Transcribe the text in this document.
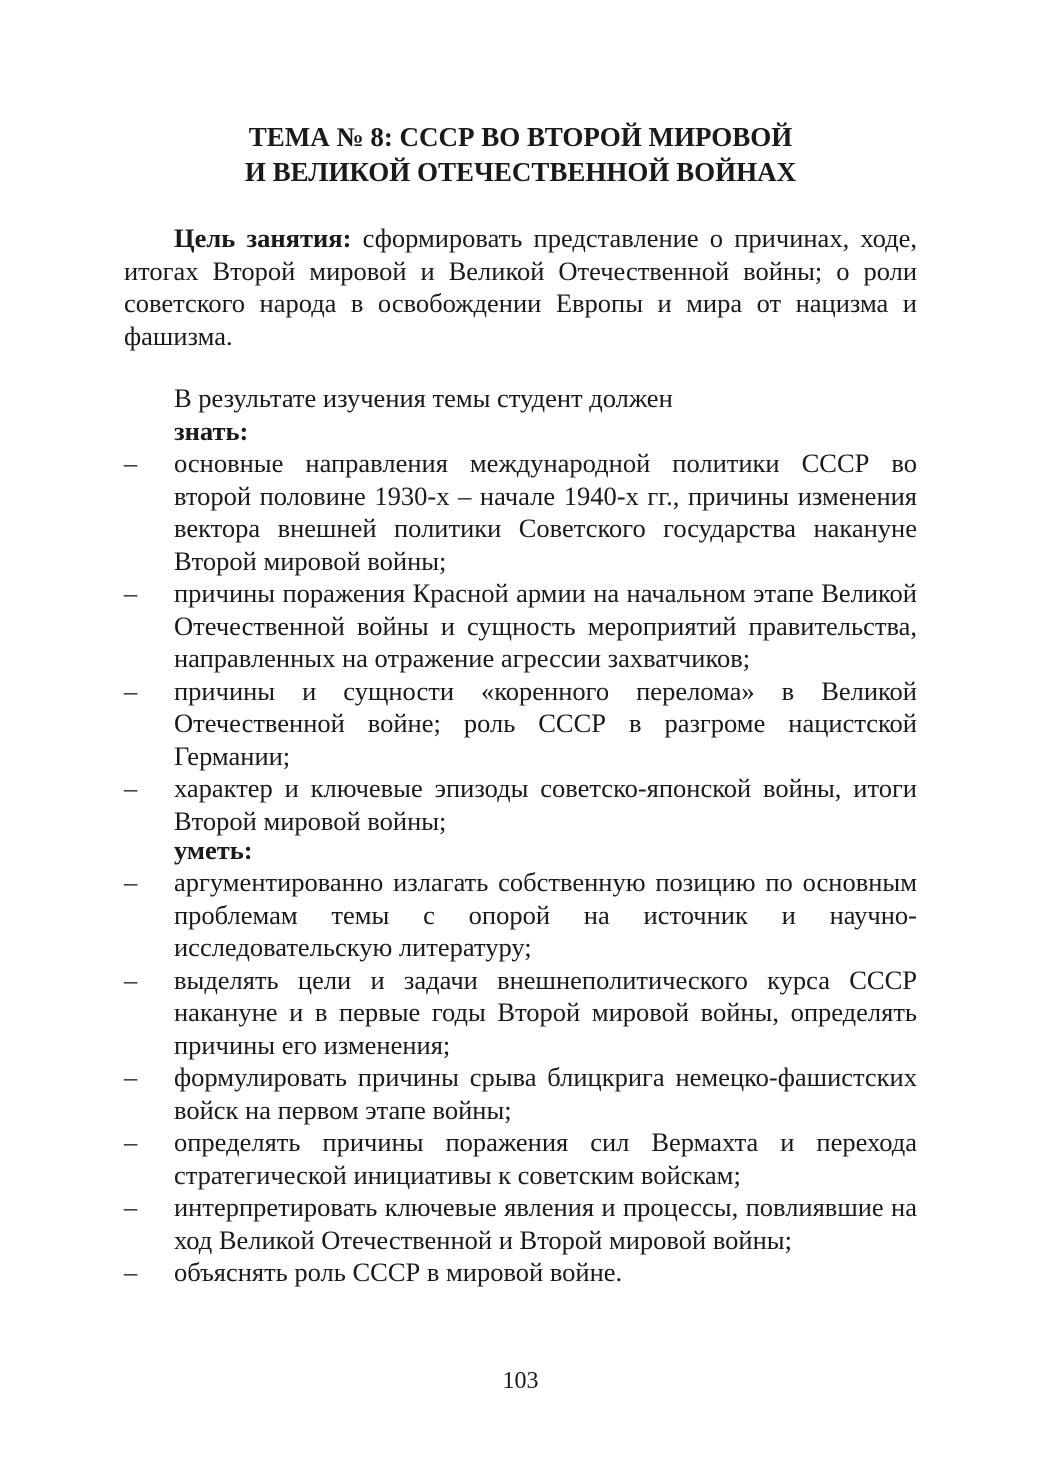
ТЕМА № 8: СССР ВО ВТОРОЙ МИРОВОЙ
И ВЕЛИКОЙ ОТЕЧЕСТВЕННОЙ ВОЙНАХ

Цель занятия: сформировать представление о причинах, ходе, итогах Второй мировой и Великой Отечественной войны; о роли советского народа в освобождении Европы и мира от нацизма и фашизма.

В результате изучения темы студент должен
знать:

– основные направления международной политики СССР во второй половине 1930-х – начале 1940-х гг., причины изменения вектора внешней политики Советского государства накануне Второй мировой войны;
– причины поражения Красной армии на начальном этапе Великой Отечественной войны и сущность мероприятий правительства, направленных на отражение агрессии захватчиков;
– причины и сущности «коренного перелома» в Великой Отечественной войне; роль СССР в разгроме нацистской Германии;
– характер и ключевые эпизоды советско-японской войны, итоги Второй мировой войны;

уметь:

– аргументированно излагать собственную позицию по основным проблемам темы с опорой на источник и научно-исследовательскую литературу;
– выделять цели и задачи внешнеполитического курса СССР накануне и в первые годы Второй мировой войны, определять причины его изменения;
– формулировать причины срыва блицкрига немецко-фашистских войск на первом этапе войны;
– определять причины поражения сил Вермахта и перехода стратегической инициативы к советским войскам;
– интерпретировать ключевые явления и процессы, повлиявшие на ход Великой Отечественной и Второй мировой войны;
– объяснять роль СССР в мировой войне.
103
